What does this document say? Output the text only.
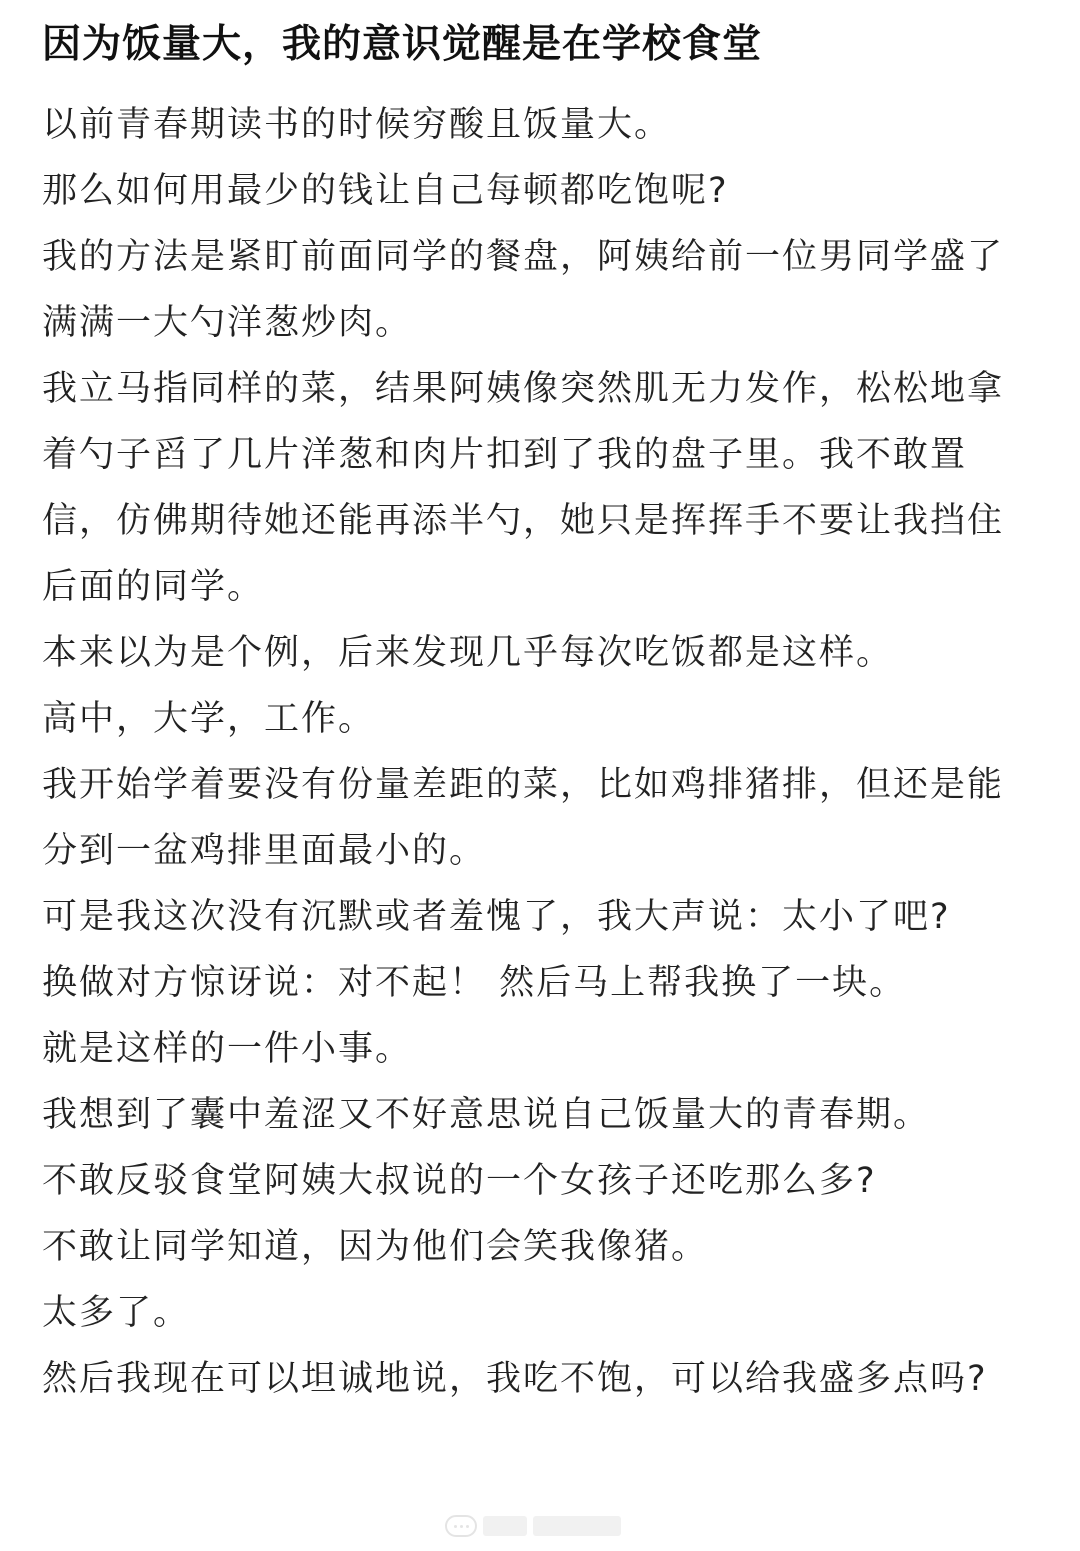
因为饭量大，我的意识觉醒是在学校食堂

以前青春期读书的时候穷酸且饭量大。

那么如何用最少的钱让自己每顿都吃饱呢?

我的方法是紧盯前面同学的餐盘，阿姨给前一位男同学盛了满满一大勺洋葱炒肉。

我立马指同样的菜，结果阿姨像突然肌无力发作，松松地拿着勺子舀了几片洋葱和肉片扣到了我的盘子里。我不敢置信，仿佛期待她还能再添半勺，她只是挥挥手不要让我挡住后面的同学。

本来以为是个例，后来发现几乎每次吃饭都是这样。

高中，大学，工作。

我开始学着要没有份量差距的菜，比如鸡排猪排，但还是能分到一盆鸡排里面最小的。

可是我这次没有沉默或者羞愧了，我大声说：太小了吧?

换做对方惊讶说：对不起！ 然后马上帮我换了一块。

就是这样的一件小事。

我想到了囊中羞涩又不好意思说自己饭量大的青春期。

不敢反驳食堂阿姨大叔说的一个女孩子还吃那么多?

不敢让同学知道，因为他们会笑我像猪。

太多了。

然后我现在可以坦诚地说，我吃不饱，可以给我盛多点吗?
